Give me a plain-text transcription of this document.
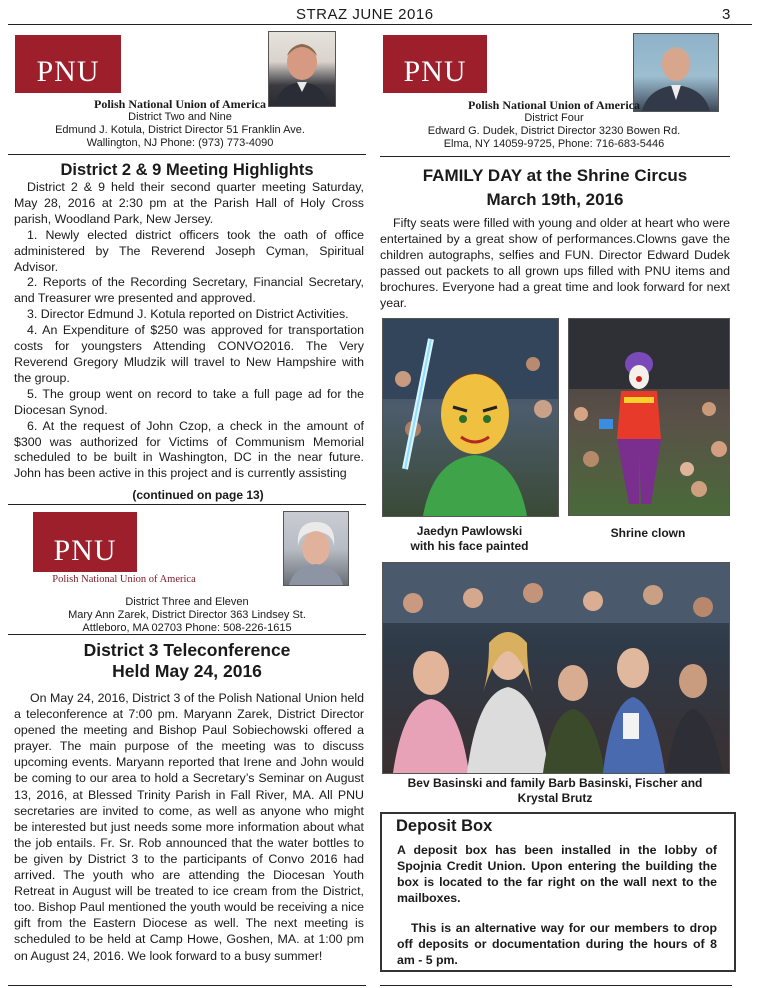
STRAZ JUNE 2016	3
PNU
Polish National Union of America
District Two and Nine
Edmund J. Kotula, District Director 51 Franklin Ave.
Wallington, NJ Phone: (973) 773-4090
District 2 & 9 Meeting Highlights

District 2 & 9 held their second quarter meeting Saturday, May 28, 2016 at 2:30 pm at the Parish Hall of Holy Cross parish, Woodland Park, New Jersey.

1. Newly elected district officers took the oath of office administered by The Reverend Joseph Cyman, Spiritual Advisor.

2. Reports of the Recording Secretary, Financial Secretary, and Treasurer wre presented and approved.

3. Director Edmund J. Kotula reported on District Activities.

4. An Expenditure of $250 was approved for transportation costs for youngsters Attending CONVO2016. The Very Reverend Gregory Mludzik will travel to New Hampshire with the group.

5. The group went on record to take a full page ad for the Diocesan Synod.

6. At the request of John Czop, a check in the amount of $300 was authorized for Victims of Communism Memorial scheduled to be built in Washington, DC in the near future. John has been active in this project and is currently assisting

(continued on page 13)
PNU
Polish National Union of America
District Three and Eleven
Mary Ann Zarek, District Director 363 Lindsey St.
Attleboro, MA 02703 Phone: 508-226-1615
District 3 Teleconference
Held May 24, 2016

On May 24, 2016, District 3 of the Polish National Union held a teleconference at 7:00 pm. Maryann Zarek, District Director opened the meeting and Bishop Paul Sobiechowski offered a prayer. The main purpose of the meeting was to discuss upcoming events. Maryann reported that Irene and John would be coming to our area to hold a Secretary’s Seminar on August 13, 2016, at Blessed Trinity Parish in Fall River, MA. All PNU secretaries are invited to come, as well as anyone who might be interested but just needs some more information about what the job entails. Fr. Sr. Rob announced that the water bottles to be given by District 3 to the participants of Convo 2016 had arrived. The youth who are attending the Diocesan Youth Retreat in August will be treated to ice cream from the District, too. Bishop Paul mentioned the youth would be receiving a nice gift from the Eastern Diocese as well. The next meeting is scheduled to be held at Camp Howe, Goshen, MA. at 1:00 pm on August 24, 2016. We look forward to a busy summer!

PNU
Polish National Union of America
District Four
Edward G. Dudek, District Director 3230 Bowen Rd.
Elma, NY 14059-9725, Phone: 716-683-5446
FAMILY DAY at the Shrine Circus
March 19th, 2016

Fifty seats were filled with young and older at heart who were entertained by a great show of performances.Clowns gave the children autographs, selfies and FUN. Director Edward Dudek passed out packets to all grown ups filled with PNU items and brochures. Everyone had a great time and look forward for next year.

Jaedyn Pawlowski
with his face painted
Shrine clown
Bev Basinski and family Barb Basinski, Fischer and
Krystal Brutz
Deposit Box
A deposit box has been installed in the lobby of Spojnia Credit Union. Upon entering the building the box is located to the far right on the wall next to the mailboxes.
This is an alternative way for our members to drop off deposits or documentation during the hours of 8 am - 5 pm.
